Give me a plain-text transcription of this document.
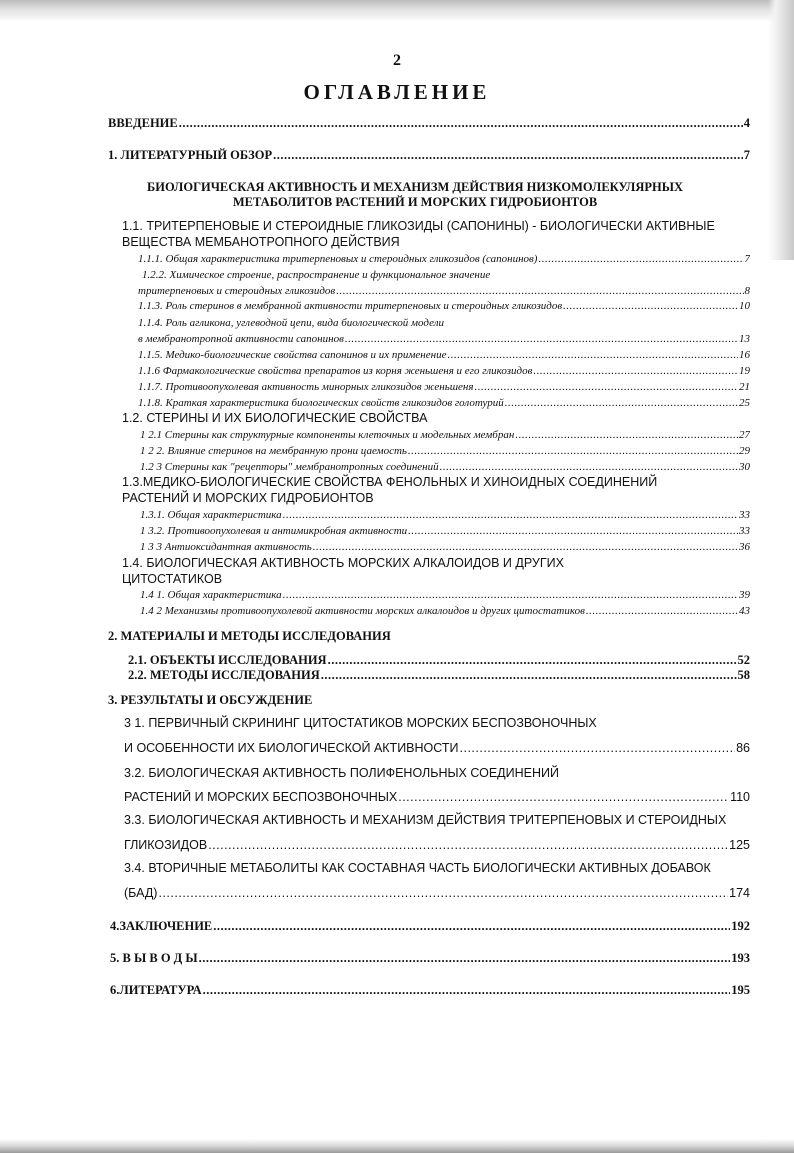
2
ОГЛАВЛЕНИЕ
ВВЕДЕНИЕ .....	4
1. ЛИТЕРАТУРНЫЙ ОБЗОР .....	7
БИОЛОГИЧЕСКАЯ АКТИВНОСТЬ И МЕХАНИЗМ ДЕЙСТВИЯ НИЗКОМОЛЕКУЛЯРНЫХ
МЕТАБОЛИТОВ РАСТЕНИЙ И МОРСКИХ ГИДРОБИОНТОВ
1.1. ТРИТЕРПЕНОВЫЕ И СТЕРОИДНЫЕ ГЛИКОЗИДЫ (САПОНИНЫ) - БИОЛОГИЧЕСКИ АКТИВНЫЕ
ВЕЩЕСТВА МЕМБАНОТРОПНОГО ДЕЙСТВИЯ
1.1.1. Общая характеристика тритерпеновых и стероидных гликозидов (сапонинов) .....	7
1.2.2. Химическое строение, распространение и функциональное значение
тритерпеновых и стероидных гликозидов .....	8
1.1.3. Роль стеринов в мембранной активности тритерпеновых и стероидных гликозидов .....	10
1.1.4. Роль агликона, углеводной цепи, вида биологической модели
в мембранотропной активности сапонинов .....	13
1.1.5. Медико-биологические свойства сапонинов и их применение .....	16
1.1.6 Фармакологические свойства препаратов из корня женьшеня и его гликозидов .....	19
1.1.7. Противоопухолевая активность минорных гликозидов женьшеня .....	21
1.1.8. Краткая характеристика биологических свойств гликозидов голотурий .....	25
1.2. СТЕРИНЫ И ИХ БИОЛОГИЧЕСКИЕ СВОЙСТВА
1 2.1 Стерины как структурные компоненты клеточных и модельных мембран .....	27
1 2 2. Влияние стеринов на мембранную прони цаемость .....	29
1.2 3 Стерины как "рецепторы" мембранотропных соединений .....	30
1.3.МЕДИКО-БИОЛОГИЧЕСКИЕ СВОЙСТВА ФЕНОЛЬНЫХ И ХИНОИДНЫХ СОЕДИНЕНИЙ
РАСТЕНИЙ И МОРСКИХ ГИДРОБИОНТОВ
1.3.1. Общая характеристика .....	33
1 3.2. Противоопухолевая и антимикробная активности .....	33
1 3 3 Антиоксидантная активность .....	36
1.4. БИОЛОГИЧЕСКАЯ АКТИВНОСТЬ МОРСКИХ АЛКАЛОИДОВ И ДРУГИХ
ЦИТОСТАТИКОВ
1.4 1. Общая характеристика .....	39
1.4 2 Механизмы противоопухолевой активности морских алкалоидов и других цитостатиков .....	43
2. МАТЕРИАЛЫ И МЕТОДЫ ИССЛЕДОВАНИЯ
2.1. ОБЪЕКТЫ ИССЛЕДОВАНИЯ .....	52
2.2. МЕТОДЫ ИССЛЕДОВАНИЯ .....	58
3. РЕЗУЛЬТАТЫ И ОБСУЖДЕНИЕ
3 1. ПЕРВИЧНЫЙ СКРИНИНГ ЦИТОСТАТИКОВ МОРСКИХ БЕСПОЗВОНОЧНЫХ
И ОСОБЕННОСТИ ИХ БИОЛОГИЧЕСКОЙ АКТИВНОСТИ .....	86
3.2. БИОЛОГИЧЕСКАЯ АКТИВНОСТЬ ПОЛИФЕНОЛЬНЫХ СОЕДИНЕНИЙ
РАСТЕНИЙ И МОРСКИХ БЕСПОЗВОНОЧНЫХ .....	110
3.3. БИОЛОГИЧЕСКАЯ АКТИВНОСТЬ И МЕХАНИЗМ ДЕЙСТВИЯ ТРИТЕРПЕНОВЫХ И СТЕРОИДНЫХ
ГЛИКОЗИДОВ .....	125
3.4. ВТОРИЧНЫЕ МЕТАБОЛИТЫ КАК СОСТАВНАЯ ЧАСТЬ БИОЛОГИЧЕСКИ АКТИВНЫХ ДОБАВОК
(БАД) .....	174
4.ЗАКЛЮЧЕНИЕ .....	192
5. В Ы В О Д Ы .....	193
6.ЛИТЕРАТУРА .....	195
